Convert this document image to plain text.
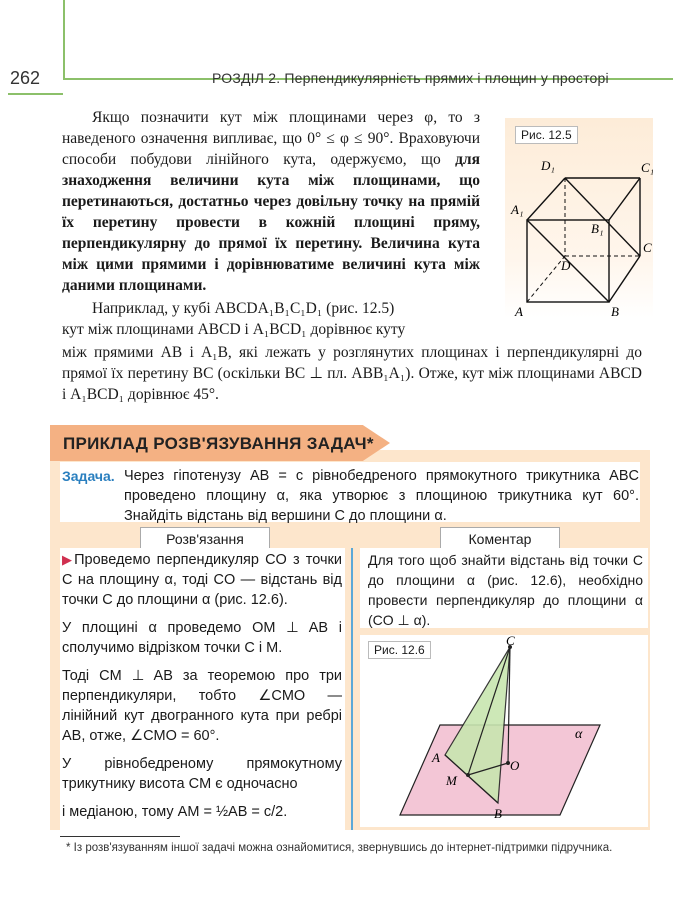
262	РОЗДІЛ 2. Перпендикулярність прямих і площин у просторі
Якщо позначити кут між площинами через φ, то з наведеного означення випливає, що 0° ≤ φ ≤ 90°. Враховуючи способи побудови лінійного кута, одержуємо, що для знаходження величини кута між площинами, що перетинаються, достатньо через довільну точку на прямій їх перетину провести в кожній площині пряму, перпендикулярну до прямої їх перетину. Величина кута між цими прямими і дорівнюватиме величині кута між даними площинами.
Наприклад, у кубі ABCDA₁B₁C₁D₁ (рис. 12.5)
кут між площинами ABCD і A₁BCD₁ дорівнює куту
між прямими AB і A₁B, які лежать у розглянутих площинах і перпендикулярні до прямої їх перетину BC (оскільки BC ⊥ пл. ABB₁A₁). Отже, кут між площинами ABCD і A₁BCD₁ дорівнює 45°.
D₁	C₁
A₁
B₁
C
D
A	B
Рис. 12.5
ПРИКЛАД РОЗВ'ЯЗУВАННЯ ЗАДАЧ*
Задача. Через гіпотенузу AB = c рівнобедреного прямокутного трикутника ABC проведено площину α, яка утворює з площиною трикутника кут 60°. Знайдіть відстань від вершини C до площини α.
Розв'язання	Коментар

▶Проведемо перпендикуляр CO з точки C на площину α, тоді CO — відстань від точки C до площини α (рис. 12.6).

У площині α проведемо OM ⊥ AB і сполучимо відрізком точки C і M.

Тоді CM ⊥ AB за теоремою про три перпендикуляри, тобто ∠CMO — лінійний кут двогранного кута при ребрі AB, отже, ∠CMO = 60°.

У рівнобедреному прямокутному трикутнику висота CM є одночасно

і медіаною, тому AM = ½AB = c/2.

Для того щоб знайти відстань від точки C до площини α (рис. 12.6), необхідно провести перпендикуляр до площини α (CO ⊥ α).
C
α
A
O
M
B
Рис. 12.6
* Із розв'язуванням іншої задачі можна ознайомитися, звернувшись до інтернет-підтримки підручника.
